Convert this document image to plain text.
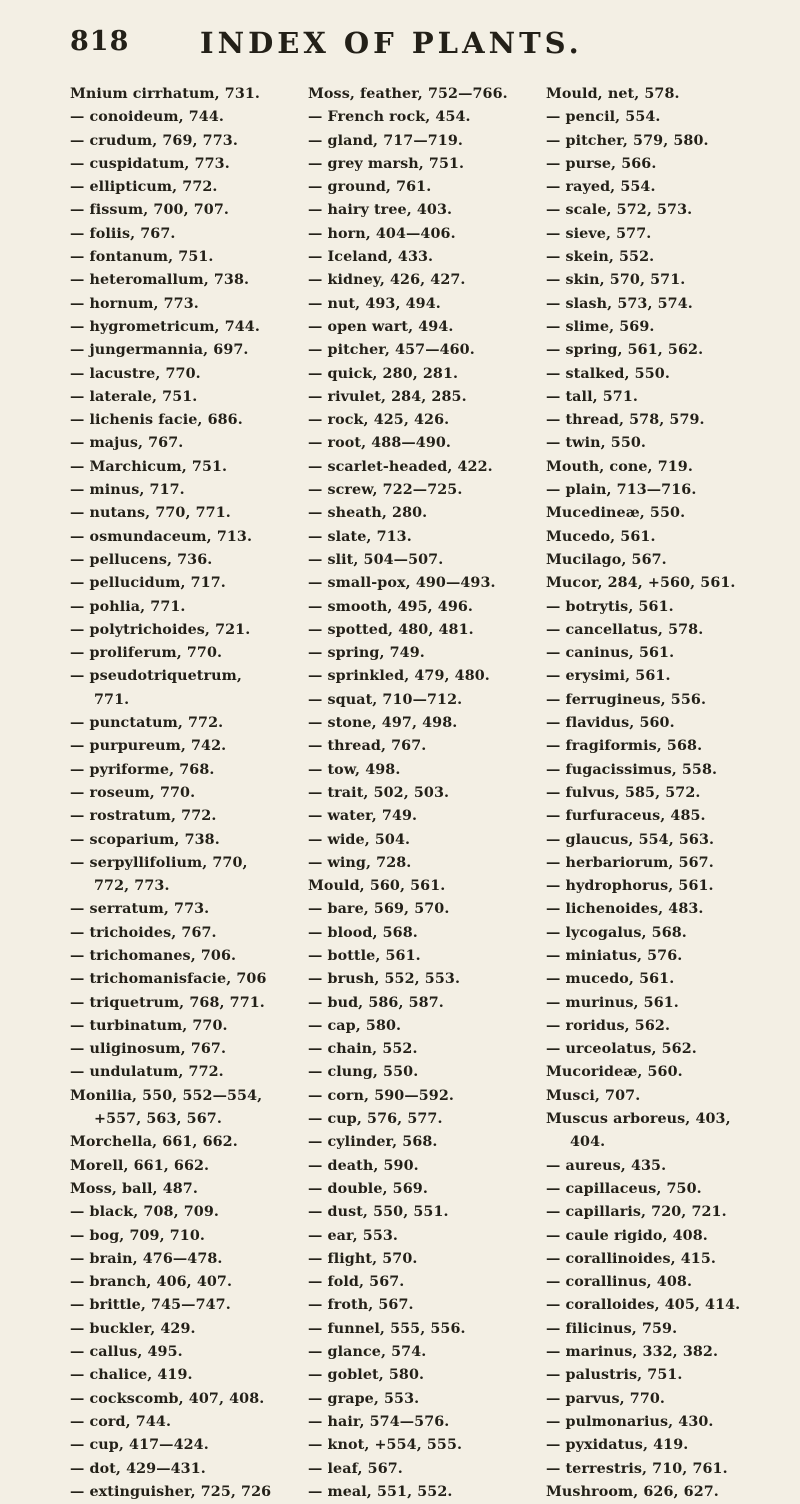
818 INDEX OF PLANTS.
Mnium cirrhatum, 731.
— conoideum, 744.
— crudum, 769, 773.
— cuspidatum, 773.
— ellipticum, 772.
— fissum, 700, 707.
— foliis, 767.
— fontanum, 751.
— heteromallum, 738.
— hornum, 773.
— hygrometricum, 744.
— jungermannia, 697.
— lacustre, 770.
— laterale, 751.
— lichenis facie, 686.
— majus, 767.
— Marchicum, 751.
— minus, 717.
— nutans, 770, 771.
— osmundaceum, 713.
— pellucens, 736.
— pellucidum, 717.
— pohlia, 771.
— polytrichoides, 721.
— proliferum, 770.
— pseudotriquetrum,
771.
— punctatum, 772.
— purpureum, 742.
— pyriforme, 768.
— roseum, 770.
— rostratum, 772.
— scoparium, 738.
— serpyllifolium, 770,
772, 773.
— serratum, 773.
— trichoides, 767.
— trichomanes, 706.
— trichomanisfacie, 706
— triquetrum, 768, 771.
— turbinatum, 770.
— uliginosum, 767.
— undulatum, 772.
Monilia, 550, 552—554,
+557, 563, 567.
Morchella, 661, 662.
Morell, 661, 662.
Moss, ball, 487.
— black, 708, 709.
— bog, 709, 710.
— brain, 476—478.
— branch, 406, 407.
— brittle, 745—747.
— buckler, 429.
— callus, 495.
— chalice, 419.
— cockscomb, 407, 408.
— cord, 744.
— cup, 417—424.
— dot, 429—431.
— extinguisher, 725, 726
Moss, feather, 752—766.
— French rock, 454.
— gland, 717—719.
— grey marsh, 751.
— ground, 761.
— hairy tree, 403.
— horn, 404—406.
— Iceland, 433.
— kidney, 426, 427.
— nut, 493, 494.
— open wart, 494.
— pitcher, 457—460.
— quick, 280, 281.
— rivulet, 284, 285.
— rock, 425, 426.
— root, 488—490.
— scarlet-headed, 422.
— screw, 722—725.
— sheath, 280.
— slate, 713.
— slit, 504—507.
— small-pox, 490—493.
— smooth, 495, 496.
— spotted, 480, 481.
— spring, 749.
— sprinkled, 479, 480.
— squat, 710—712.
— stone, 497, 498.
— thread, 767.
— tow, 498.
— trait, 502, 503.
— water, 749.
— wide, 504.
— wing, 728.
Mould, 560, 561.
— bare, 569, 570.
— blood, 568.
— bottle, 561.
— brush, 552, 553.
— bud, 586, 587.
— cap, 580.
— chain, 552.
— clung, 550.
— corn, 590—592.
— cup, 576, 577.
— cylinder, 568.
— death, 590.
— double, 569.
— dust, 550, 551.
— ear, 553.
— flight, 570.
— fold, 567.
— froth, 567.
— funnel, 555, 556.
— glance, 574.
— goblet, 580.
— grape, 553.
— hair, 574—576.
— knot, +554, 555.
— leaf, 567.
— meal, 551, 552.
Mould, net, 578.
— pencil, 554.
— pitcher, 579, 580.
— purse, 566.
— rayed, 554.
— scale, 572, 573.
— sieve, 577.
— skein, 552.
— skin, 570, 571.
— slash, 573, 574.
— slime, 569.
— spring, 561, 562.
— stalked, 550.
— tall, 571.
— thread, 578, 579.
— twin, 550.
Mouth, cone, 719.
— plain, 713—716.
Mucedineæ, 550.
Mucedo, 561.
Mucilago, 567.
Mucor, 284, +560, 561.
— botrytis, 561.
— cancellatus, 578.
— caninus, 561.
— erysimi, 561.
— ferrugineus, 556.
— flavidus, 560.
— fragiformis, 568.
— fugacissimus, 558.
— fulvus, 585, 572.
— furfuraceus, 485.
— glaucus, 554, 563.
— herbariorum, 567.
— hydrophorus, 561.
— lichenoides, 483.
— lycogalus, 568.
— miniatus, 576.
— mucedo, 561.
— murinus, 561.
— roridus, 562.
— urceolatus, 562.
Mucorideæ, 560.
Musci, 707.
Muscus arboreus, 403,
404.
— aureus, 435.
— capillaceus, 750.
— capillaris, 720, 721.
— caule rigido, 408.
— corallinoides, 415.
— corallinus, 408.
— coralloides, 405, 414.
— filicinus, 759.
— marinus, 332, 382.
— palustris, 751.
— parvus, 770.
— pulmonarius, 430.
— pyxidatus, 419.
— terrestris, 710, 761.
Mushroom, 626, 627.
